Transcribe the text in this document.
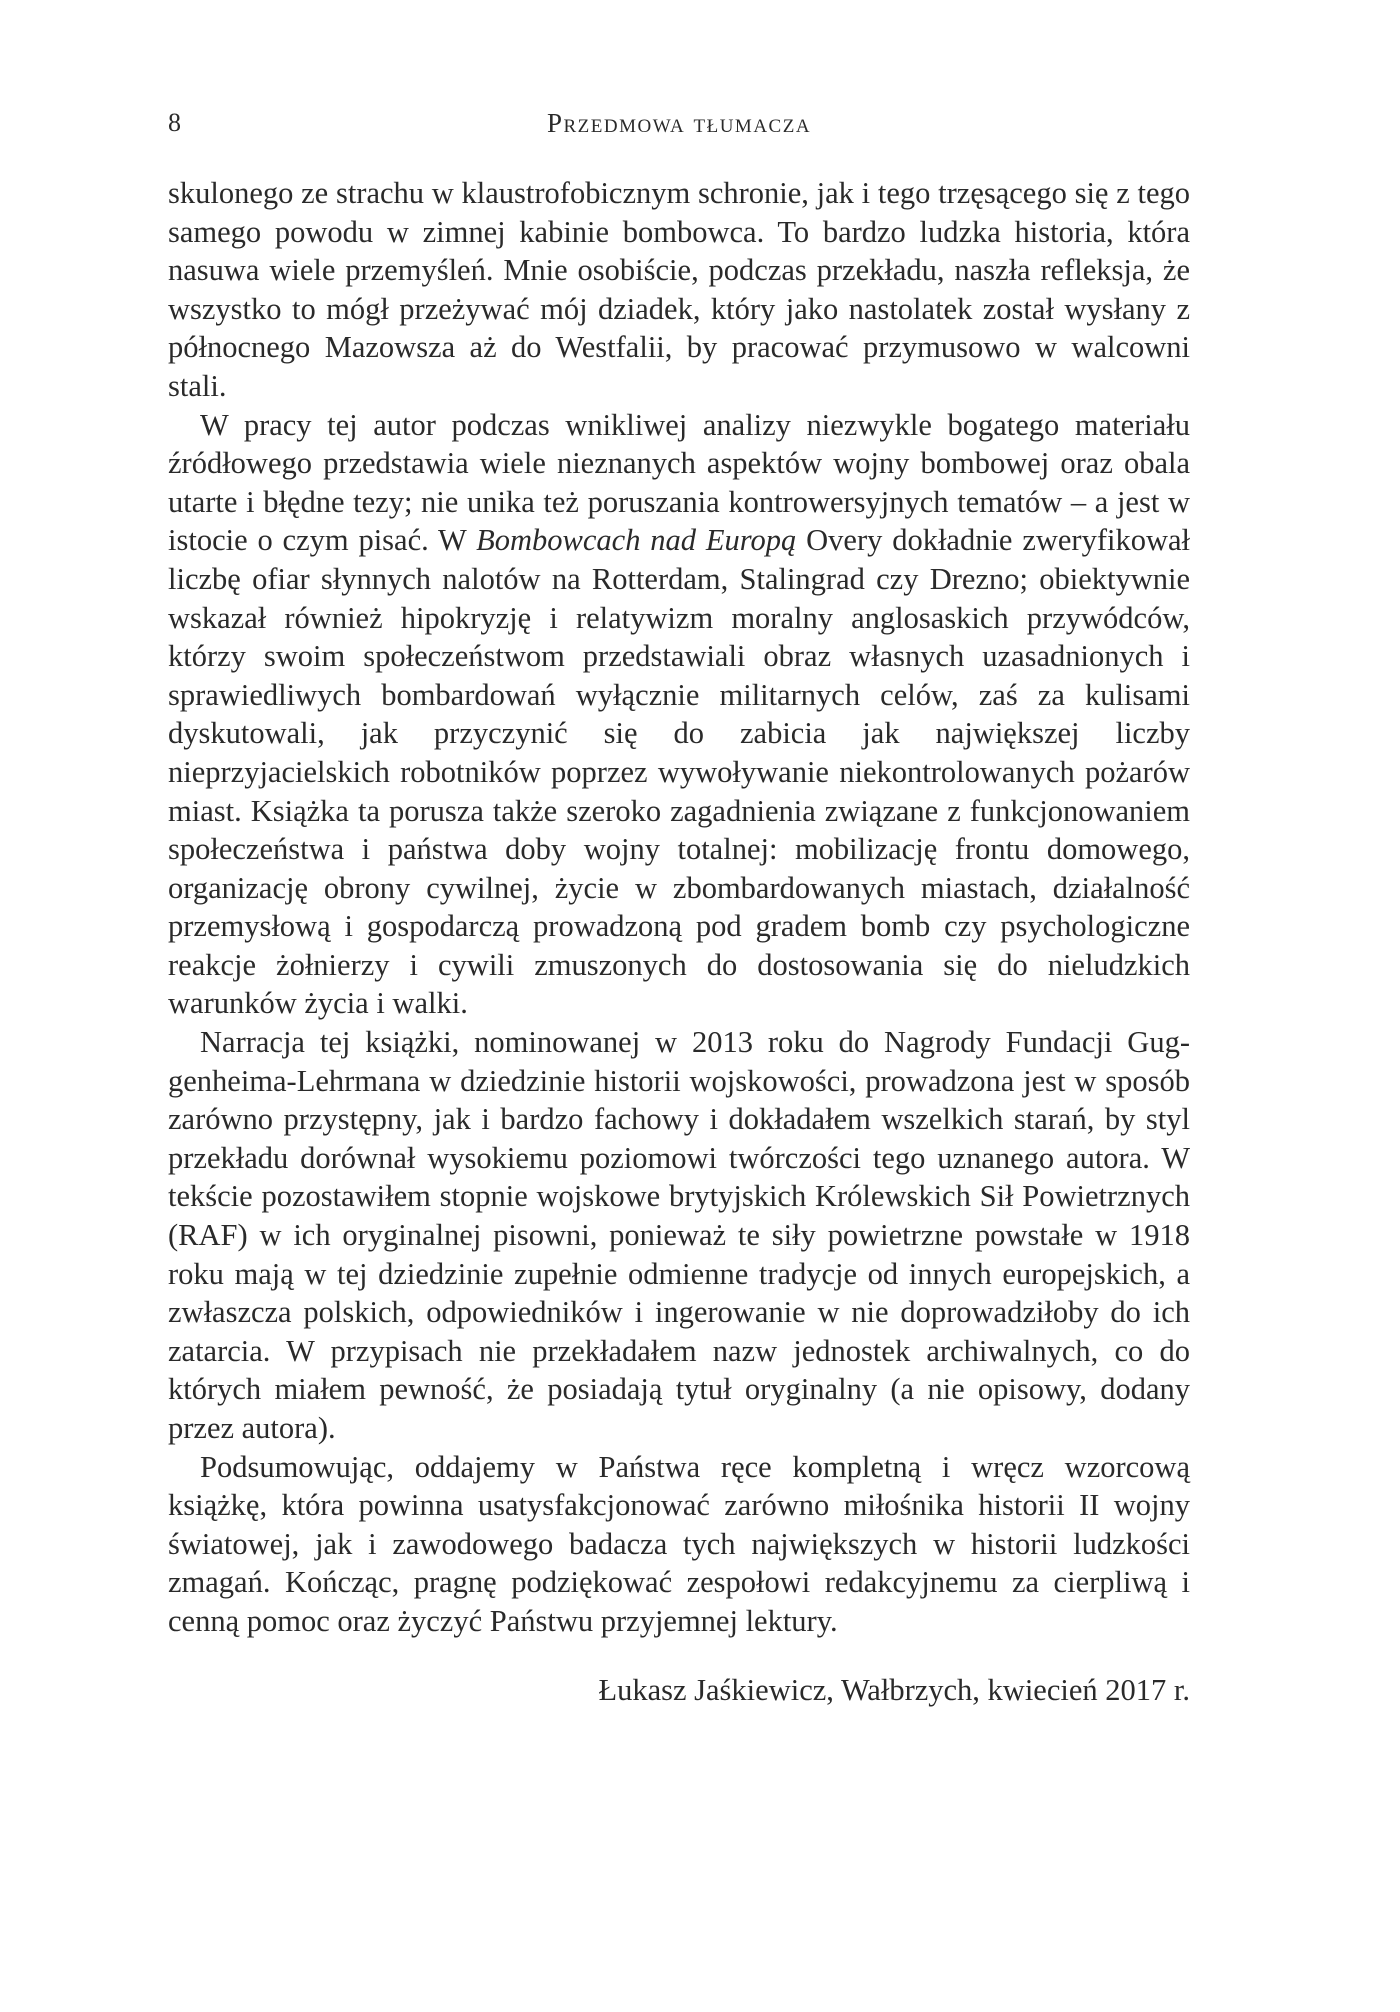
8	Przedmowa tłumacza

skulonego ze strachu w klaustrofobicznym schronie, jak i tego trzęsącego się z tego samego powodu w zimnej kabinie bombowca. To bardzo ludzka historia, która nasuwa wiele przemyśleń. Mnie osobiście, podczas przekładu, naszła refleksja, że wszystko to mógł przeżywać mój dziadek, który jako nastolatek został wysłany z północnego Mazowsza aż do Westfalii, by pracować przymusowo w walcowni stali.

W pracy tej autor podczas wnikliwej analizy niezwykle bogatego materiału źródłowego przedstawia wiele nieznanych aspektów wojny bombowej oraz obala utarte i błędne tezy; nie unika też poruszania kontrowersyjnych tematów – a jest w istocie o czym pisać. W Bombowcach nad Europą Overy dokładnie zweryfikował liczbę ofiar słynnych nalotów na Rotterdam, Stalingrad czy Drezno; obiektywnie wskazał również hipokryzję i relatywizm moralny anglosaskich przywódców, którzy swoim społeczeństwom przedstawiali obraz własnych uzasadnionych i sprawiedliwych bombardowań wyłącznie militarnych celów, zaś za kulisami dyskutowali, jak przyczynić się do zabicia jak największej liczby nieprzyjacielskich robotników poprzez wywoływanie niekontrolowanych pożarów miast. Książka ta porusza także szeroko zagadnienia związane z funkcjonowaniem społeczeństwa i państwa doby wojny totalnej: mobilizację frontu domowego, organizację obrony cywilnej, życie w zbombardowanych miastach, działalność przemysłową i gospodarczą prowadzoną pod gradem bomb czy psychologiczne reakcje żołnierzy i cywili zmuszonych do dostosowania się do nieludzkich warunków życia i walki.

Narracja tej książki, nominowanej w 2013 roku do Nagrody Fundacji Guggenheima-Lehrmana w dziedzinie historii wojskowości, prowadzona jest w sposób zarówno przystępny, jak i bardzo fachowy i dokładałem wszelkich starań, by styl przekładu dorównał wysokiemu poziomowi twórczości tego uznanego autora. W tekście pozostawiłem stopnie wojskowe brytyjskich Królewskich Sił Powietrznych (RAF) w ich oryginalnej pisowni, ponieważ te siły powietrzne powstałe w 1918 roku mają w tej dziedzinie zupełnie odmienne tradycje od innych europejskich, a zwłaszcza polskich, odpowiedników i ingerowanie w nie doprowadziłoby do ich zatarcia. W przypisach nie przekładałem nazw jednostek archiwalnych, co do których miałem pewność, że posiadają tytuł oryginalny (a nie opisowy, dodany przez autora).

Podsumowując, oddajemy w Państwa ręce kompletną i wręcz wzorcową książkę, która powinna usatysfakcjonować zarówno miłośnika historii II wojny światowej, jak i zawodowego badacza tych największych w historii ludzkości zmagań. Kończąc, pragnę podziękować zespołowi redakcyjnemu za cierpliwą i cenną pomoc oraz życzyć Państwu przyjemnej lektury.

Łukasz Jaśkiewicz, Wałbrzych, kwiecień 2017 r.
